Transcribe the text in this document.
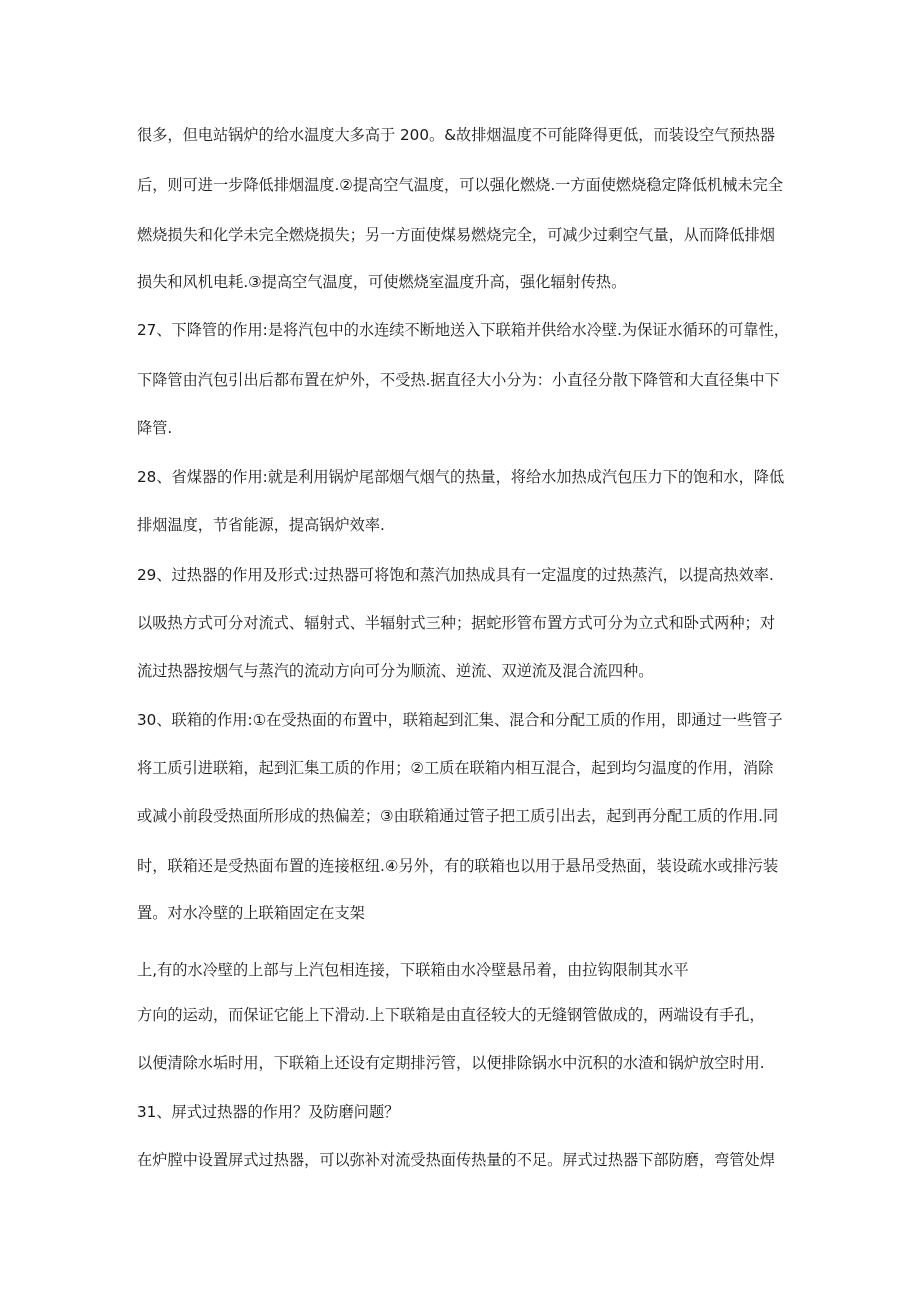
很多，但电站锅炉的给水温度大多高于 200。&故排烟温度不可能降得更低，而装设空气预热器
后，则可进一步降低排烟温度.②提高空气温度，可以强化燃烧.一方面使燃烧稳定降低机械未完全
燃烧损失和化学未完全燃烧损失；另一方面使煤易燃烧完全，可减少过剩空气量，从而降低排烟
损失和风机电耗.③提高空气温度，可使燃烧室温度升高，强化辐射传热。
27、下降管的作用:是将汽包中的水连续不断地送入下联箱并供给水冷壁.为保证水循环的可靠性，
下降管由汽包引出后都布置在炉外，不受热.据直径大小分为：小直径分散下降管和大直径集中下
降管.
28、省煤器的作用:就是利用锅炉尾部烟气烟气的热量，将给水加热成汽包压力下的饱和水，降低
排烟温度，节省能源，提高锅炉效率.
29、过热器的作用及形式:过热器可将饱和蒸汽加热成具有一定温度的过热蒸汽，以提高热效率.
以吸热方式可分对流式、辐射式、半辐射式三种；据蛇形管布置方式可分为立式和卧式两种；对
流过热器按烟气与蒸汽的流动方向可分为顺流、逆流、双逆流及混合流四种。
30、联箱的作用:①在受热面的布置中，联箱起到汇集、混合和分配工质的作用，即通过一些管子
将工质引进联箱，起到汇集工质的作用；②工质在联箱内相互混合，起到均匀温度的作用，消除
或减小前段受热面所形成的热偏差；③由联箱通过管子把工质引出去，起到再分配工质的作用.同
时，联箱还是受热面布置的连接枢纽.④另外，有的联箱也以用于悬吊受热面，装设疏水或排污装
置。对水冷壁的上联箱固定在支架
上,有的水冷壁的上部与上汽包相连接，下联箱由水冷壁悬吊着，由拉钩限制其水平
方向的运动，而保证它能上下滑动.上下联箱是由直径较大的无缝钢管做成的，两端设有手孔，
以便清除水垢时用，下联箱上还设有定期排污管，以便排除锅水中沉积的水渣和锅炉放空时用.
31、屏式过热器的作用？及防磨问题？
在炉膛中设置屏式过热器，可以弥补对流受热面传热量的不足。屏式过热器下部防磨，弯管处焊
